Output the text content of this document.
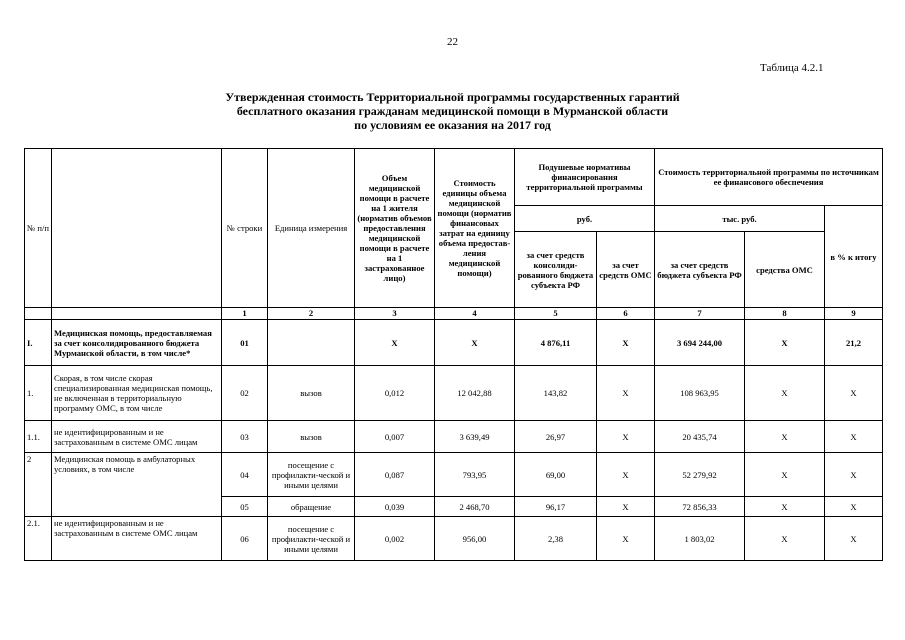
22
Таблица 4.2.1
Утвержденная стоимость Территориальной программы государственных гарантий
бесплатного оказания гражданам медицинской помощи в Мурманской области
по условиям ее оказания на 2017 год
№ п/п		№ строки	Единица измерения	Объем медицинской помощи в расчете на 1 жителя (норматив объемов предоставления медицинской помощи в расчете на 1 застрахованное лицо)	Стоимость единицы объема медицинской помощи (норматив финансовых затрат на единицу объема предостав-ления медицинской помощи)	Подушевые нормативы финансирования территориальной программы		Стоимость территориальной программы по источникам ее финансового обеспечения		
						руб.		тыс. руб.		в % к итогу
						за счет средств консолиди-рованного бюджета субъекта РФ	за счет средств ОМС	за счет средств бюджета субъекта РФ	средства ОМС	
		1	2	3	4	5	6	7	8	9
I.	Медицинская помощь, предоставляемая за счет консолидированного бюджета Мурманской области, в том числе*	01		X	X	4 876,11	X	3 694 244,00	X	21,2
1.	Скорая, в том числе скорая специализированная медицинская помощь, не включенная в территориальную программу ОМС, в том числе	02	вызов	0,012	12 042,88	143,82	X	108 963,95	X	X
1.1.	не идентифицированным и не застрахованным в системе ОМС лицам	03	вызов	0,007	3 639,49	26,97	X	20 435,74	X	X
2	Медицинская помощь в амбулаторных условиях, в том числе	04	посещение с профилакти-ческой и иными целями	0,087	793,95	69,00	X	52 279,92	X	X
		05	обращение	0,039	2 468,70	96,17	X	72 856,33	X	X
2.1.	не идентифицированным и не застрахованным в системе ОМС лицам	06	посещение с профилакти-ческой и иными целями	0,002	956,00	2,38	X	1 803,02	X	X
